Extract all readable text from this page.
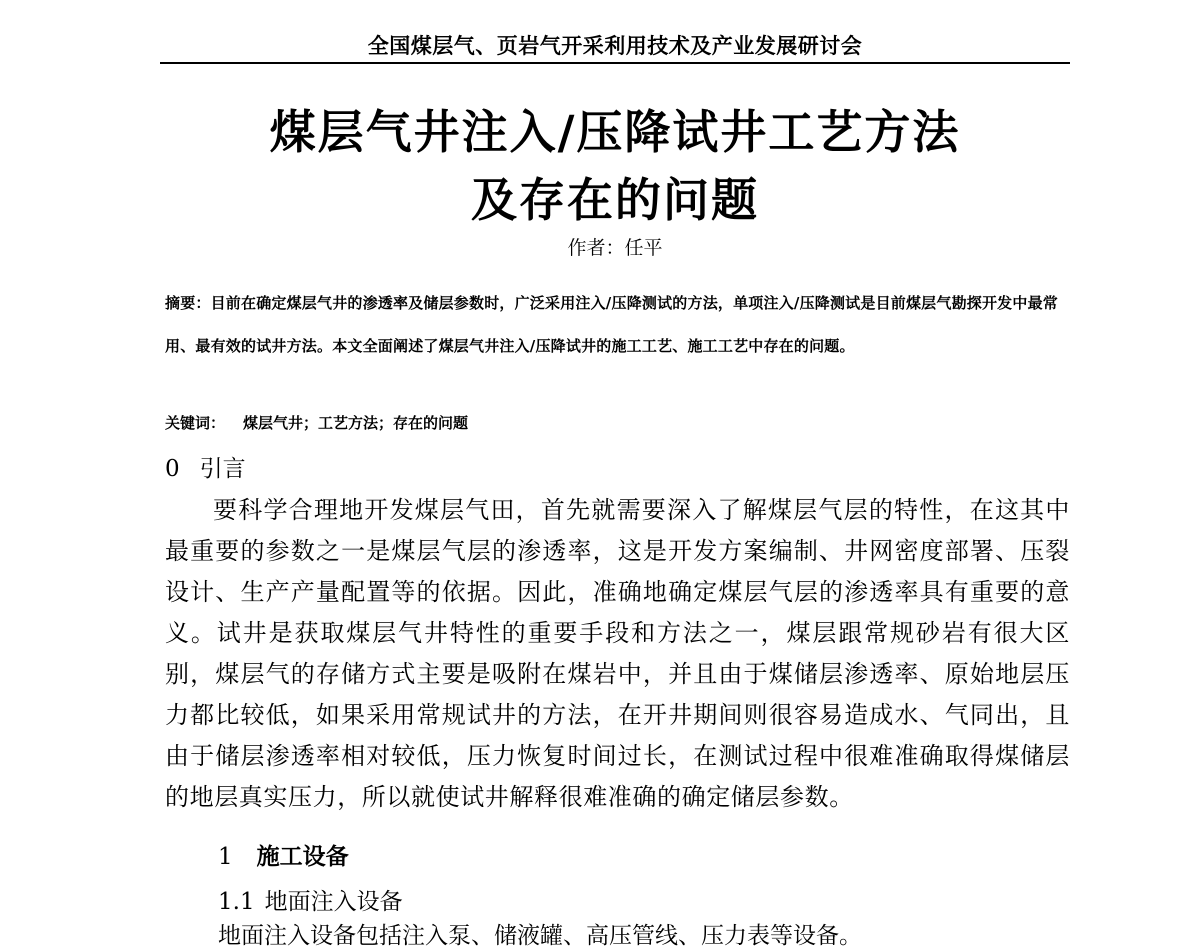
全国煤层气、页岩气开采利用技术及产业发展研讨会
煤层气井注入/压降试井工艺方法
及存在的问题
作者：任平
摘要：目前在确定煤层气井的渗透率及储层参数时，广泛采用注入/压降测试的方法，单项注入/压降测试是目前煤层气勘探开发中最常用、最有效的试井方法。本文全面阐述了煤层气井注入/压降试井的施工工艺、施工工艺中存在的问题。
关键词： 煤层气井；工艺方法；存在的问题
0 引言
要科学合理地开发煤层气田，首先就需要深入了解煤层气层的特性，在这其中最重要的参数之一是煤层气层的渗透率，这是开发方案编制、井网密度部署、压裂设计、生产产量配置等的依据。因此，准确地确定煤层气层的渗透率具有重要的意义。试井是获取煤层气井特性的重要手段和方法之一，煤层跟常规砂岩有很大区别，煤层气的存储方式主要是吸附在煤岩中，并且由于煤储层渗透率、原始地层压力都比较低，如果采用常规试井的方法，在开井期间则很容易造成水、气同出，且由于储层渗透率相对较低，压力恢复时间过长，在测试过程中很难准确取得煤储层的地层真实压力，所以就使试井解释很难准确的确定储层参数。
1 施工设备
1.1 地面注入设备
地面注入设备包括注入泵、储液罐、高压管线、压力表等设备。
